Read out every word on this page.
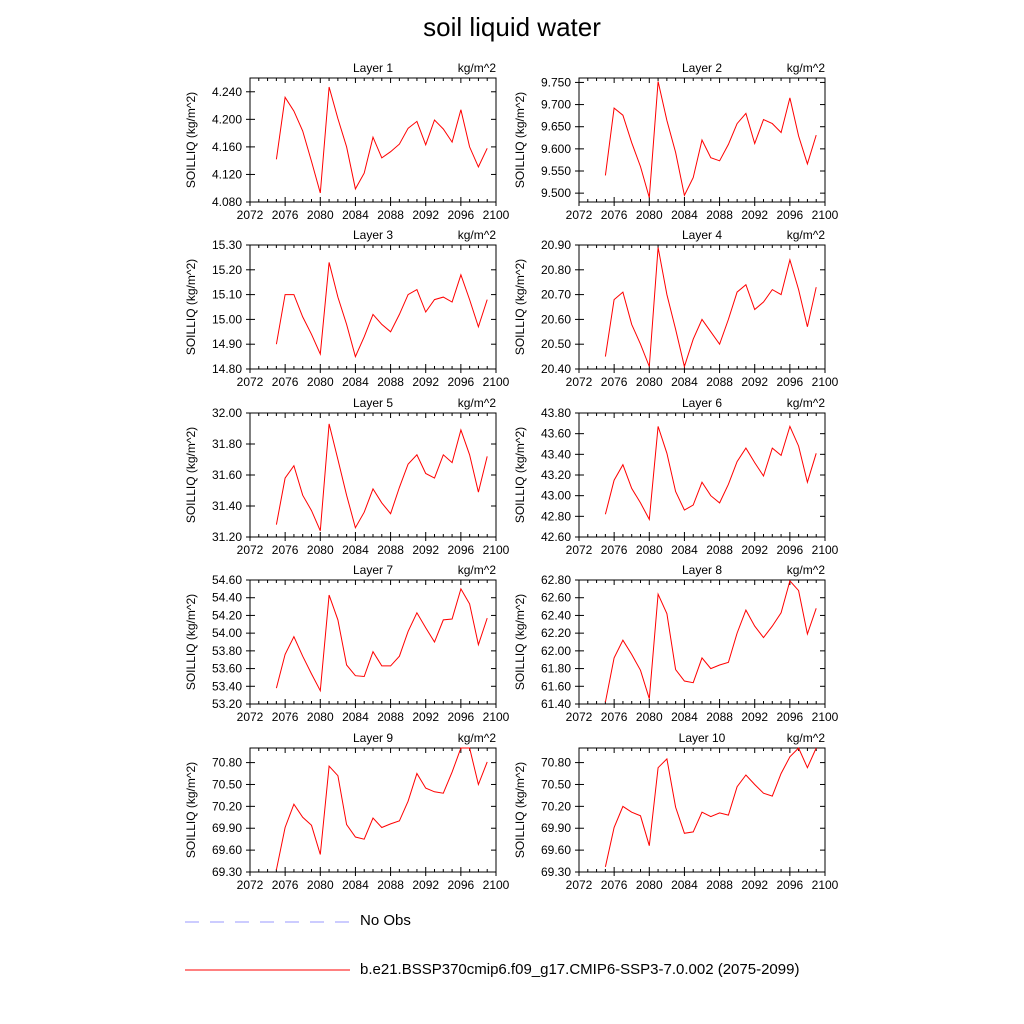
soil liquid water
Layer 1	kg/m^2
SOILLIQ (kg/m^2)
2072 2076 2080 2084 2088 2092 2096 2100
4.080
4.120
4.160
4.200
4.240
Layer 2	kg/m^2
SOILLIQ (kg/m^2)
2072 2076 2080 2084 2088 2092 2096 2100
9.500
9.550
9.600
9.650
9.700
9.750
Layer 3	kg/m^2
SOILLIQ (kg/m^2)
2072 2076 2080 2084 2088 2092 2096 2100
14.80
14.90
15.00
15.10
15.20
15.30
Layer 4	kg/m^2
SOILLIQ (kg/m^2)
2072 2076 2080 2084 2088 2092 2096 2100
20.40
20.50
20.60
20.70
20.80
20.90
Layer 5	kg/m^2
SOILLIQ (kg/m^2)
2072 2076 2080 2084 2088 2092 2096 2100
31.20
31.40
31.60
31.80
32.00
Layer 6	kg/m^2
SOILLIQ (kg/m^2)
2072 2076 2080 2084 2088 2092 2096 2100
42.60
42.80
43.00
43.20
43.40
43.60
43.80
Layer 7	kg/m^2
SOILLIQ (kg/m^2)
2072 2076 2080 2084 2088 2092 2096 2100
53.20
53.40
53.60
53.80
54.00
54.20
54.40
54.60
Layer 8	kg/m^2
SOILLIQ (kg/m^2)
2072 2076 2080 2084 2088 2092 2096 2100
61.40
61.60
61.80
62.00
62.20
62.40
62.60
62.80
Layer 9	kg/m^2
SOILLIQ (kg/m^2)
2072 2076 2080 2084 2088 2092 2096 2100
69.30
69.60
69.90
70.20
70.50
70.80
Layer 10	kg/m^2
SOILLIQ (kg/m^2)
2072 2076 2080 2084 2088 2092 2096 2100
69.30
69.60
69.90
70.20
70.50
70.80
No Obs
b.e21.BSSP370cmip6.f09_g17.CMIP6-SSP3-7.0.002 (2075-2099)
